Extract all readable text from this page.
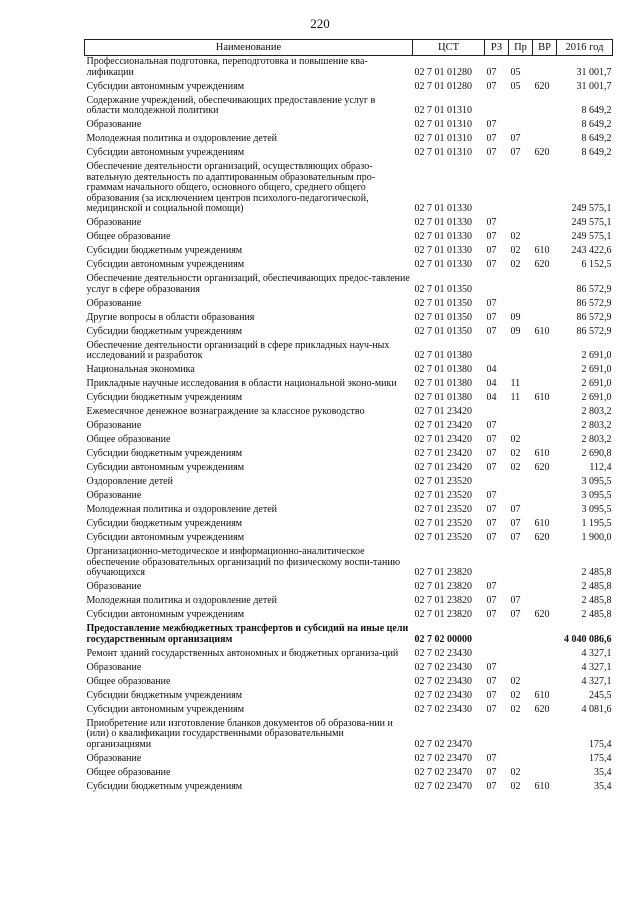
220
Наименование	ЦСТ	РЗ	Пр	ВР	2016 год
Профессиональная подготовка, переподготовка и повышение ква-лификации	02 7 01 01280	07	05		31 001,7
Субсидии автономным учреждениям	02 7 01 01280	07	05	620	31 001,7
Содержание учреждений, обеспечивающих предоставление услуг в области молодежной политики	02 7 01 01310				8 649,2
Образование	02 7 01 01310	07			8 649,2
Молодежная политика и оздоровление детей	02 7 01 01310	07	07		8 649,2
Субсидии автономным учреждениям	02 7 01 01310	07	07	620	8 649,2
Обеспечение деятельности организаций, осуществляющих образо-вательную деятельность по адаптированным образовательным про-граммам начального общего, основного общего, среднего общего образования (за исключением центров психолого-педагогической, медицинской и социальной помощи)	02 7 01 01330				249 575,1
Образование	02 7 01 01330	07			249 575,1
Общее образование	02 7 01 01330	07	02		249 575,1
Субсидии бюджетным учреждениям	02 7 01 01330	07	02	610	243 422,6
Субсидии автономным учреждениям	02 7 01 01330	07	02	620	6 152,5
Обеспечение деятельности организаций, обеспечивающих предос-тавление услуг в сфере образования	02 7 01 01350				86 572,9
Образование	02 7 01 01350	07			86 572,9
Другие вопросы в области образования	02 7 01 01350	07	09		86 572,9
Субсидии бюджетным учреждениям	02 7 01 01350	07	09	610	86 572,9
Обеспечение деятельности организаций в сфере прикладных науч-ных исследований и разработок	02 7 01 01380				2 691,0
Национальная экономика	02 7 01 01380	04			2 691,0
Прикладные научные исследования в области национальной эконо-мики	02 7 01 01380	04	11		2 691,0
Субсидии бюджетным учреждениям	02 7 01 01380	04	11	610	2 691,0
Ежемесячное денежное вознаграждение за классное руководство	02 7 01 23420				2 803,2
Образование	02 7 01 23420	07			2 803,2
Общее образование	02 7 01 23420	07	02		2 803,2
Субсидии бюджетным учреждениям	02 7 01 23420	07	02	610	2 690,8
Субсидии автономным учреждениям	02 7 01 23420	07	02	620	112,4
Оздоровление детей	02 7 01 23520				3 095,5
Образование	02 7 01 23520	07			3 095,5
Молодежная политика и оздоровление детей	02 7 01 23520	07	07		3 095,5
Субсидии бюджетным учреждениям	02 7 01 23520	07	07	610	1 195,5
Субсидии автономным учреждениям	02 7 01 23520	07	07	620	1 900,0
Организационно-методическое и информационно-аналитическое обеспечение образовательных организаций по физическому воспи-танию обучающихся	02 7 01 23820				2 485,8
Образование	02 7 01 23820	07			2 485,8
Молодежная политика и оздоровление детей	02 7 01 23820	07	07		2 485,8
Субсидии автономным учреждениям	02 7 01 23820	07	07	620	2 485,8
Предоставление межбюджетных трансфертов и субсидий на иные цели государственным организациям	02 7 02 00000				4 040 086,6
Ремонт зданий государственных автономных и бюджетных организа-ций	02 7 02 23430				4 327,1
Образование	02 7 02 23430	07			4 327,1
Общее образование	02 7 02 23430	07	02		4 327,1
Субсидии бюджетным учреждениям	02 7 02 23430	07	02	610	245,5
Субсидии автономным учреждениям	02 7 02 23430	07	02	620	4 081,6
Приобретение или изготовление бланков документов об образова-нии и (или) о квалификации государственными образовательными организациями	02 7 02 23470				175,4
Образование	02 7 02 23470	07			175,4
Общее образование	02 7 02 23470	07	02		35,4
Субсидии бюджетным учреждениям	02 7 02 23470	07	02	610	35,4
